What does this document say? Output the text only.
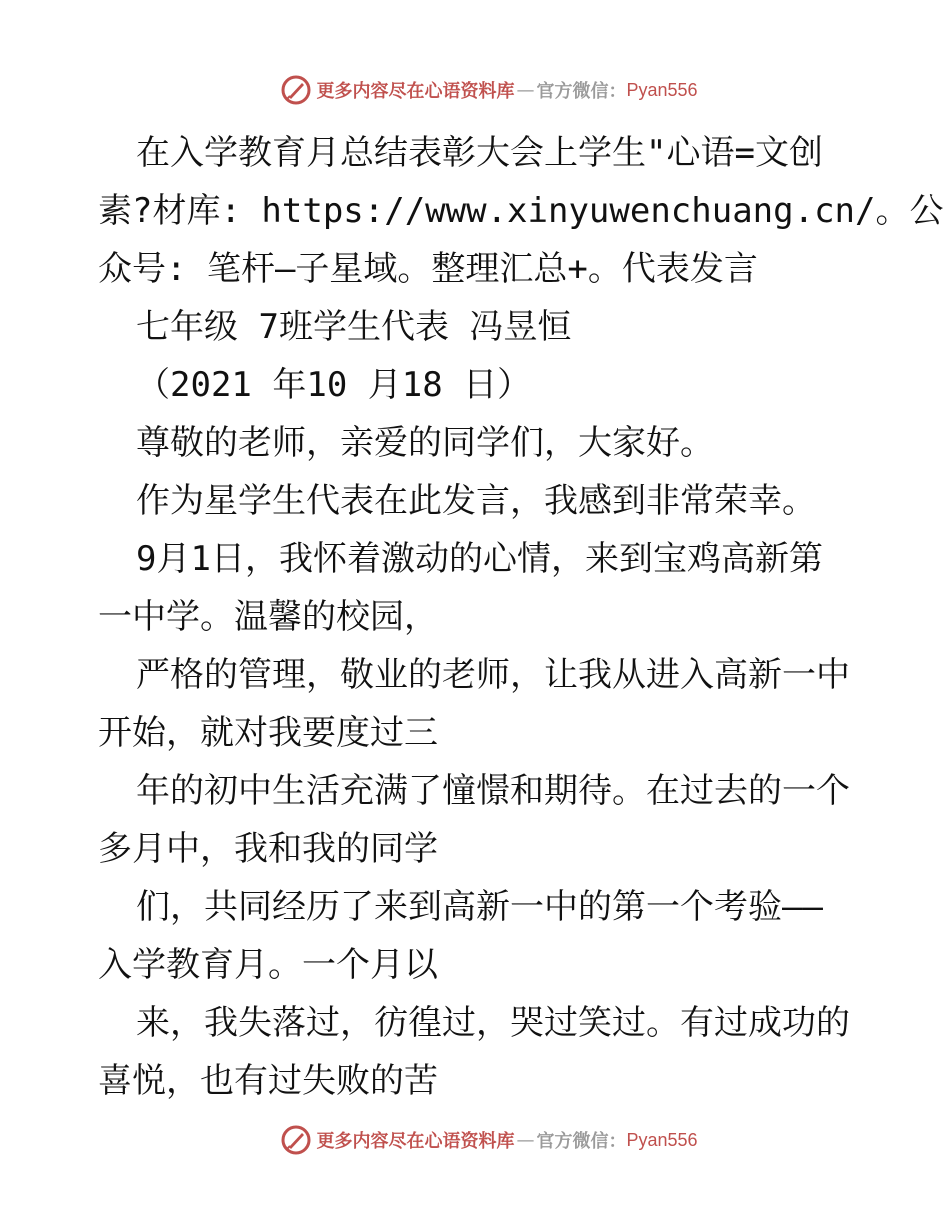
更多内容尽在心语资料库 — 官方微信： Pyan556
在入学教育月总结表彰大会上学生"心语=文创
素?材库: https://www.xinyuwenchuang.cn/。公
众号: 笔杆—子星域。整理汇总+。代表发言
七年级 7班学生代表 冯昱恒
（2021 年10 月18 日）
尊敬的老师，亲爱的同学们，大家好。
作为星学生代表在此发言，我感到非常荣幸。
9月1日，我怀着激动的心情，来到宝鸡高新第
一中学。温馨的校园，
严格的管理，敬业的老师，让我从进入高新一中
开始，就对我要度过三
年的初中生活充满了憧憬和期待。在过去的一个
多月中，我和我的同学
们，共同经历了来到高新一中的第一个考验——
入学教育月。一个月以
来，我失落过，彷徨过，哭过笑过。有过成功的
喜悦，也有过失败的苦
更多内容尽在心语资料库 — 官方微信： Pyan556
